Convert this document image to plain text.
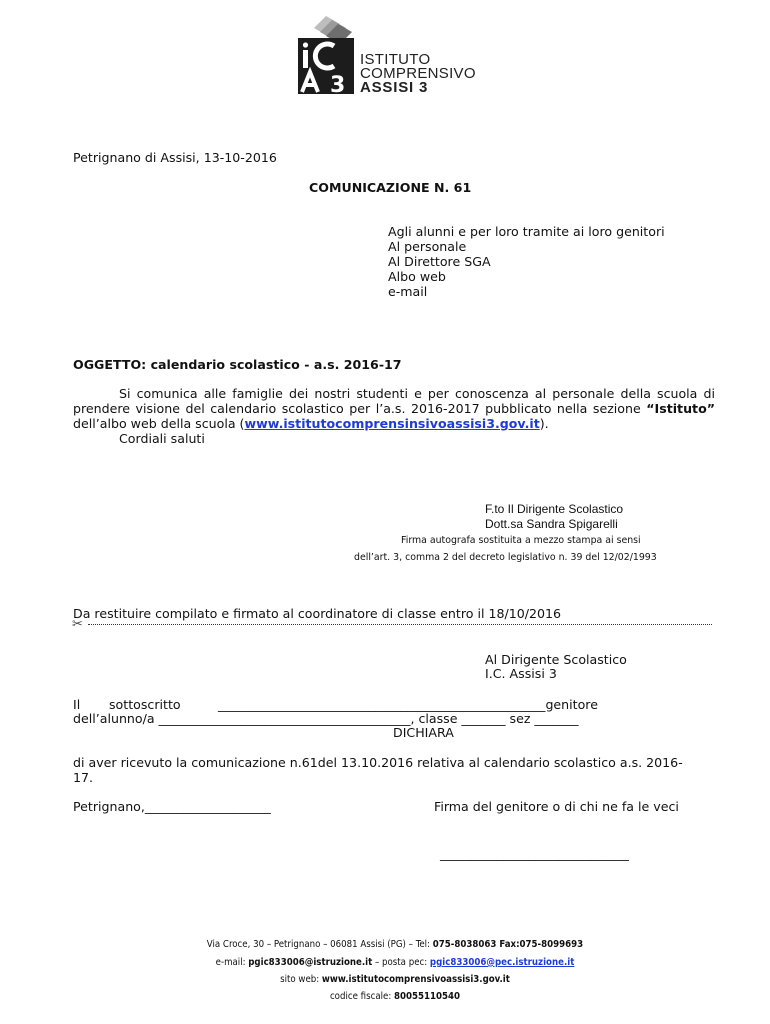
3
ISTITUTO
COMPRENSIVO
ASSISI 3
Petrignano di Assisi, 13-10-2016
COMUNICAZIONE N. 61
Agli alunni e per loro tramite ai loro genitori
Al personale
Al Direttore SGA
Albo web
e-mail
OGGETTO: calendario scolastico - a.s. 2016-17
Si comunica alle famiglie dei nostri studenti e per conoscenza al personale della scuola di prendere visione del calendario scolastico per l’a.s. 2016-2017 pubblicato nella sezione “Istituto” dell’albo web della scuola (www.istitutocomprensinsivoassisi3.gov.it).
Cordiali saluti
F.to Il Dirigente Scolastico
Dott.sa Sandra Spigarelli
Firma autografa sostituita a mezzo stampa ai sensi
dell’art. 3, comma 2 del decreto legislativo n. 39 del 12/02/1993
Da restituire compilato e firmato al coordinatore di classe entro il 18/10/2016
✂
Al Dirigente Scolastico
I.C. Assisi 3
Il sottoscritto	____________________________________________________genitore
dell’alunno/a ________________________________________, classe _______ sez _______
DICHIARA
di aver ricevuto la comunicazione n.61del 13.10.2016 relativa al calendario scolastico a.s. 2016-
17.
Petrignano,____________________	Firma del genitore o di chi ne fa le veci
______________________________
Via Croce, 30 – Petrignano – 06081 Assisi (PG) – Tel: 075-8038063 Fax:075-8099693
e-mail: pgic833006@istruzione.it – posta pec: pgic833006@pec.istruzione.it
sito web: www.istitutocomprensivoassisi3.gov.it
codice fiscale: 80055110540
